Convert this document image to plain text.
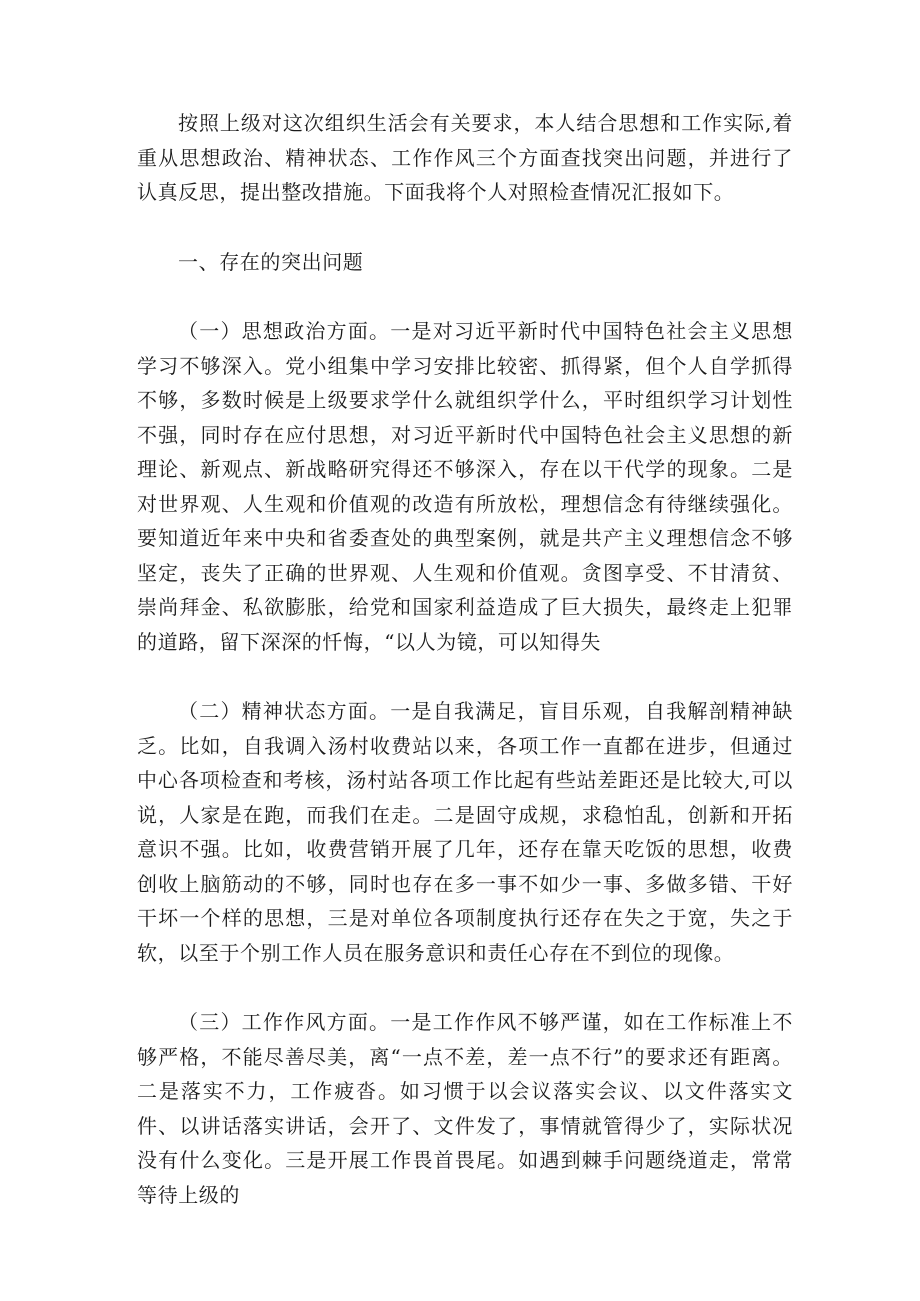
按照上级对这次组织生活会有关要求，本人结合思想和工作实际,着重从思想政治、精神状态、工作作风三个方面查找突出问题，并进行了认真反思，提出整改措施。下面我将个人对照检查情况汇报如下。

一、存在的突出问题

（一）思想政治方面。一是对习近平新时代中国特色社会主义思想学习不够深入。党小组集中学习安排比较密、抓得紧，但个人自学抓得不够，多数时候是上级要求学什么就组织学什么，平时组织学习计划性不强，同时存在应付思想，对习近平新时代中国特色社会主义思想的新理论、新观点、新战略研究得还不够深入，存在以干代学的现象。二是对世界观、人生观和价值观的改造有所放松，理想信念有待继续强化。要知道近年来中央和省委查处的典型案例，就是共产主义理想信念不够坚定，丧失了正确的世界观、人生观和价值观。贪图享受、不甘清贫、崇尚拜金、私欲膨胀，给党和国家利益造成了巨大损失，最终走上犯罪的道路，留下深深的忏悔，“以人为镜，可以知得失

（二）精神状态方面。一是自我满足，盲目乐观，自我解剖精神缺乏。比如，自我调入汤村收费站以来，各项工作一直都在进步，但通过中心各项检查和考核，汤村站各项工作比起有些站差距还是比较大,可以说，人家是在跑，而我们在走。二是固守成规，求稳怕乱，创新和开拓意识不强。比如，收费营销开展了几年，还存在靠天吃饭的思想，收费创收上脑筋动的不够，同时也存在多一事不如少一事、多做多错、干好干坏一个样的思想，三是对单位各项制度执行还存在失之于宽，失之于软，以至于个别工作人员在服务意识和责任心存在不到位的现像。

（三）工作作风方面。一是工作作风不够严谨，如在工作标准上不够严格，不能尽善尽美，离“一点不差，差一点不行”的要求还有距离。二是落实不力，工作疲沓。如习惯于以会议落实会议、以文件落实文件、以讲话落实讲话，会开了、文件发了，事情就管得少了，实际状况没有什么变化。三是开展工作畏首畏尾。如遇到棘手问题绕道走，常常等待上级的
